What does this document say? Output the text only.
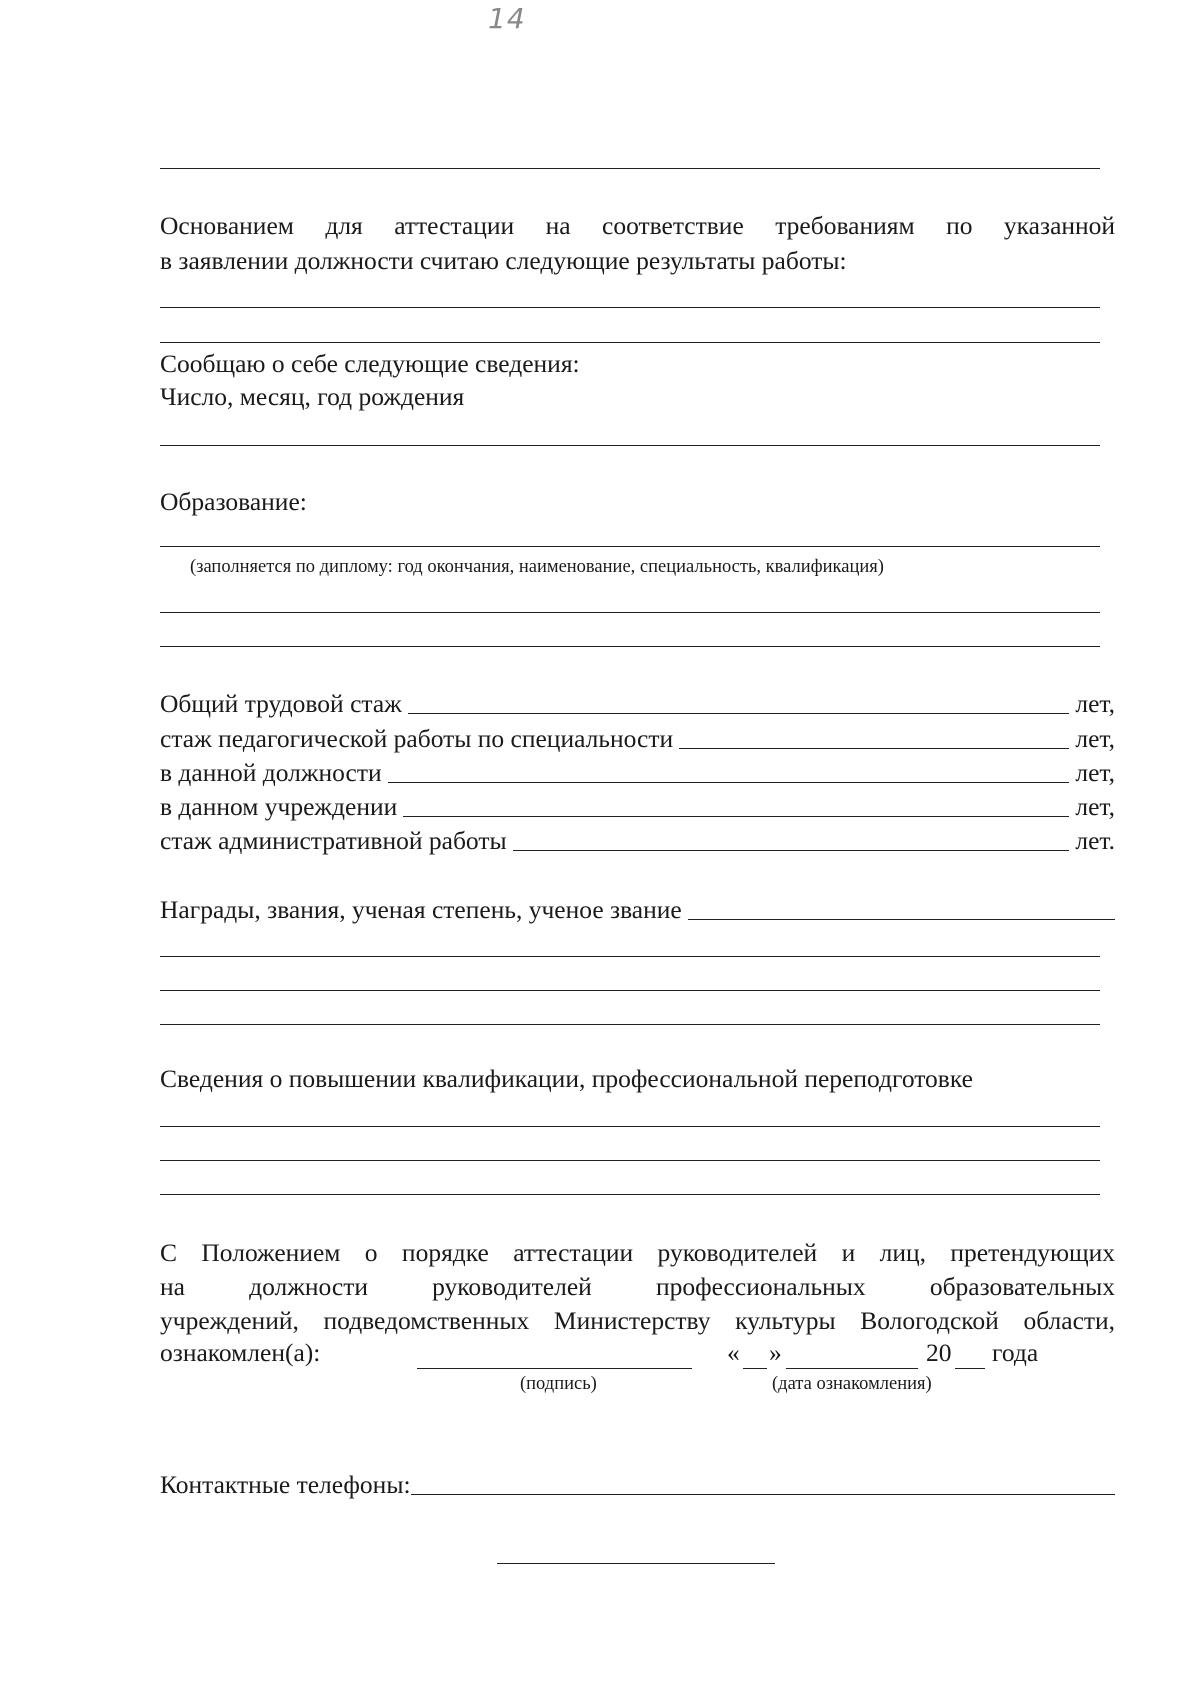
14
Основанием для аттестации на соответствие требованиям по указанной
в заявлении должности считаю следующие результаты работы:
Сообщаю о себе следующие сведения:
Число, месяц, год рождения
Образование:
(заполняется по диплому: год окончания, наименование, специальность, квалификация)
Общий трудовой стаж	лет,
стаж педагогической работы по специальности	лет,
в данной должности	лет,
в данном учреждении	лет,
стаж административной работы	лет.
Награды, звания, ученая степень, ученое звание
Сведения о повышении квалификации, профессиональной переподготовке
С Положением о порядке аттестации руководителей и лиц, претендующих
на	должности	руководителей	профессиональных	образовательных
учреждений, подведомственных Министерству культуры Вологодской области,
ознакомлен(а):	« »	20 года
(подпись)	(дата ознакомления)
Контактные телефоны:
